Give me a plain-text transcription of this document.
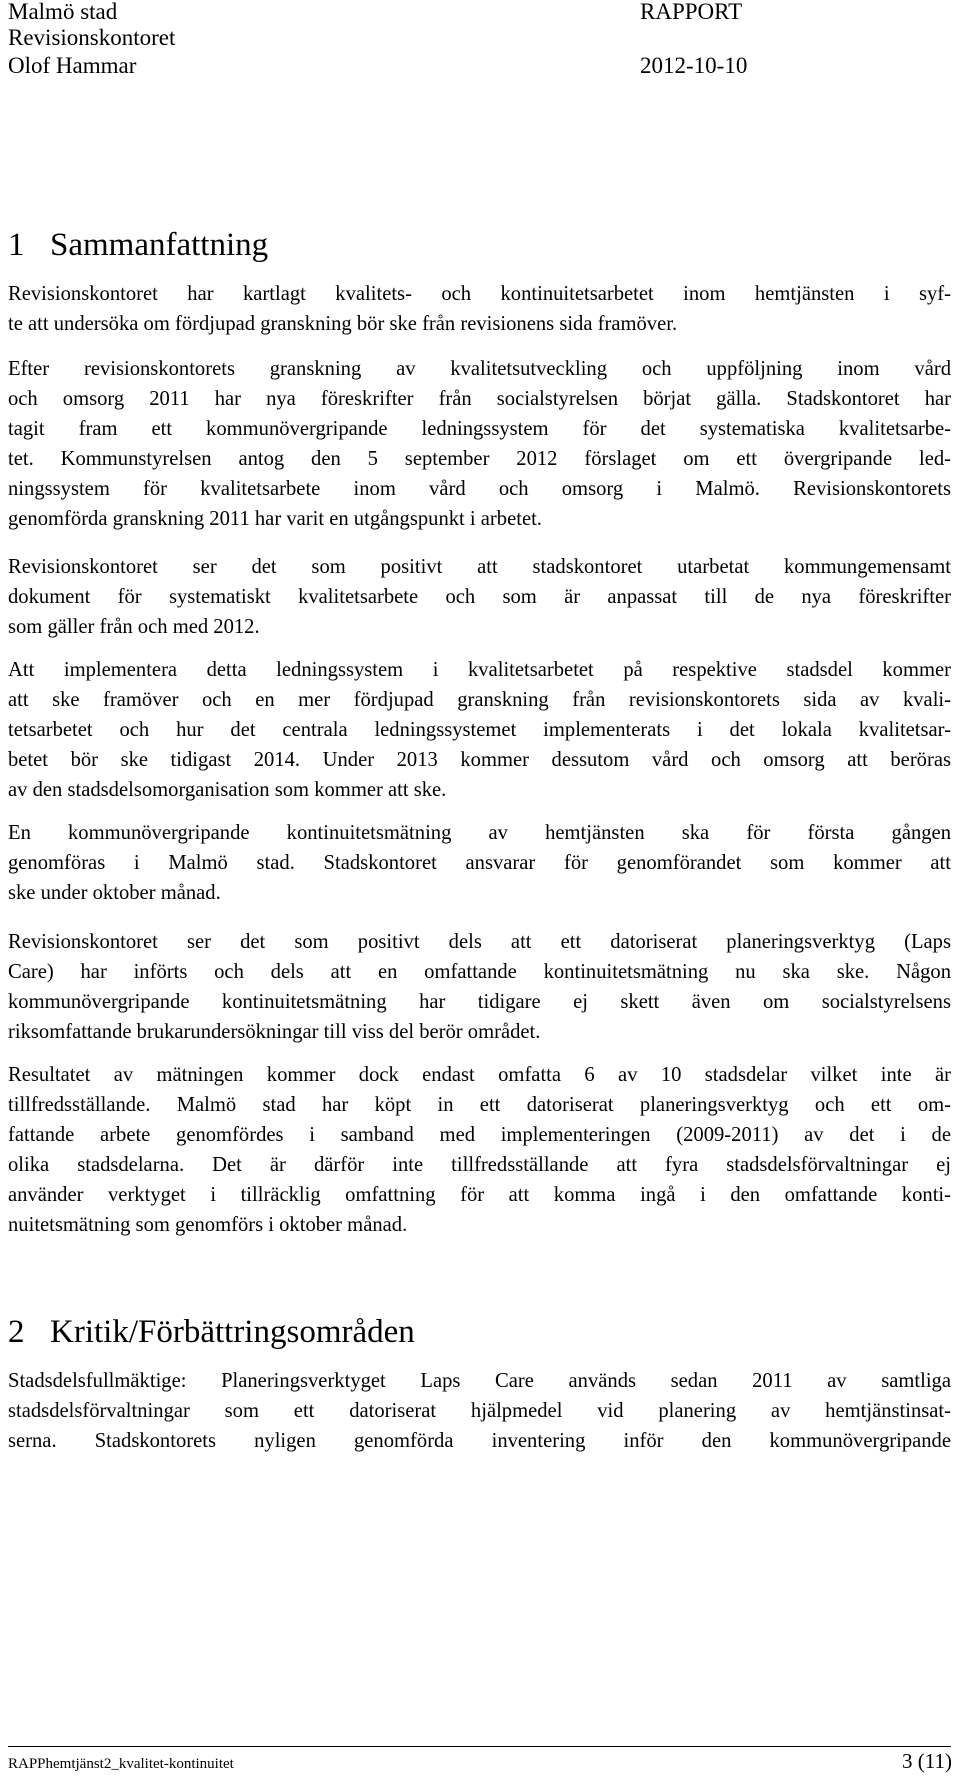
Malmö stad
Revisionskontoret
Olof Hammar
RAPPORT
2012-10-10
1 Sammanfattning
Revisionskontoret har kartlagt kvalitets- och kontinuitetsarbetet inom hemtjänsten i syf-
te att undersöka om fördjupad granskning bör ske från revisionens sida framöver.
Efter revisionskontorets granskning av kvalitetsutveckling och uppföljning inom vård
och omsorg 2011 har nya föreskrifter från socialstyrelsen börjat gälla. Stadskontoret har
tagit fram ett kommunövergripande ledningssystem för det systematiska kvalitetsarbe-
tet. Kommunstyrelsen antog den 5 september 2012 förslaget om ett övergripande led-
ningssystem för kvalitetsarbete inom vård och omsorg i Malmö. Revisionskontorets
genomförda granskning 2011 har varit en utgångspunkt i arbetet.
Revisionskontoret ser det som positivt att stadskontoret utarbetat kommungemensamt
dokument för systematiskt kvalitetsarbete och som är anpassat till de nya föreskrifter
som gäller från och med 2012.
Att implementera detta ledningssystem i kvalitetsarbetet på respektive stadsdel kommer
att ske framöver och en mer fördjupad granskning från revisionskontorets sida av kvali-
tetsarbetet och hur det centrala ledningssystemet implementerats i det lokala kvalitetsar-
betet bör ske tidigast 2014. Under 2013 kommer dessutom vård och omsorg att beröras
av den stadsdelsomorganisation som kommer att ske.
En kommunövergripande kontinuitetsmätning av hemtjänsten ska för första gången
genomföras i Malmö stad. Stadskontoret ansvarar för genomförandet som kommer att
ske under oktober månad.
Revisionskontoret ser det som positivt dels att ett datoriserat planeringsverktyg (Laps
Care) har införts och dels att en omfattande kontinuitetsmätning nu ska ske. Någon
kommunövergripande kontinuitetsmätning har tidigare ej skett även om socialstyrelsens
riksomfattande brukarundersökningar till viss del berör området.
Resultatet av mätningen kommer dock endast omfatta 6 av 10 stadsdelar vilket inte är
tillfredsställande. Malmö stad har köpt in ett datoriserat planeringsverktyg och ett om-
fattande arbete genomfördes i samband med implementeringen (2009-2011) av det i de
olika stadsdelarna. Det är därför inte tillfredsställande att fyra stadsdelsförvaltningar ej
använder verktyget i tillräcklig omfattning för att komma ingå i den omfattande konti-
nuitetsmätning som genomförs i oktober månad.
2 Kritik/Förbättringsområden
Stadsdelsfullmäktige: Planeringsverktyget Laps Care används sedan 2011 av samtliga
stadsdelsförvaltningar som ett datoriserat hjälpmedel vid planering av hemtjänstinsat-
serna. Stadskontorets nyligen genomförda inventering inför den kommunövergripande
RAPPhemtjänst2_kvalitet-kontinuitet	3 (11)
